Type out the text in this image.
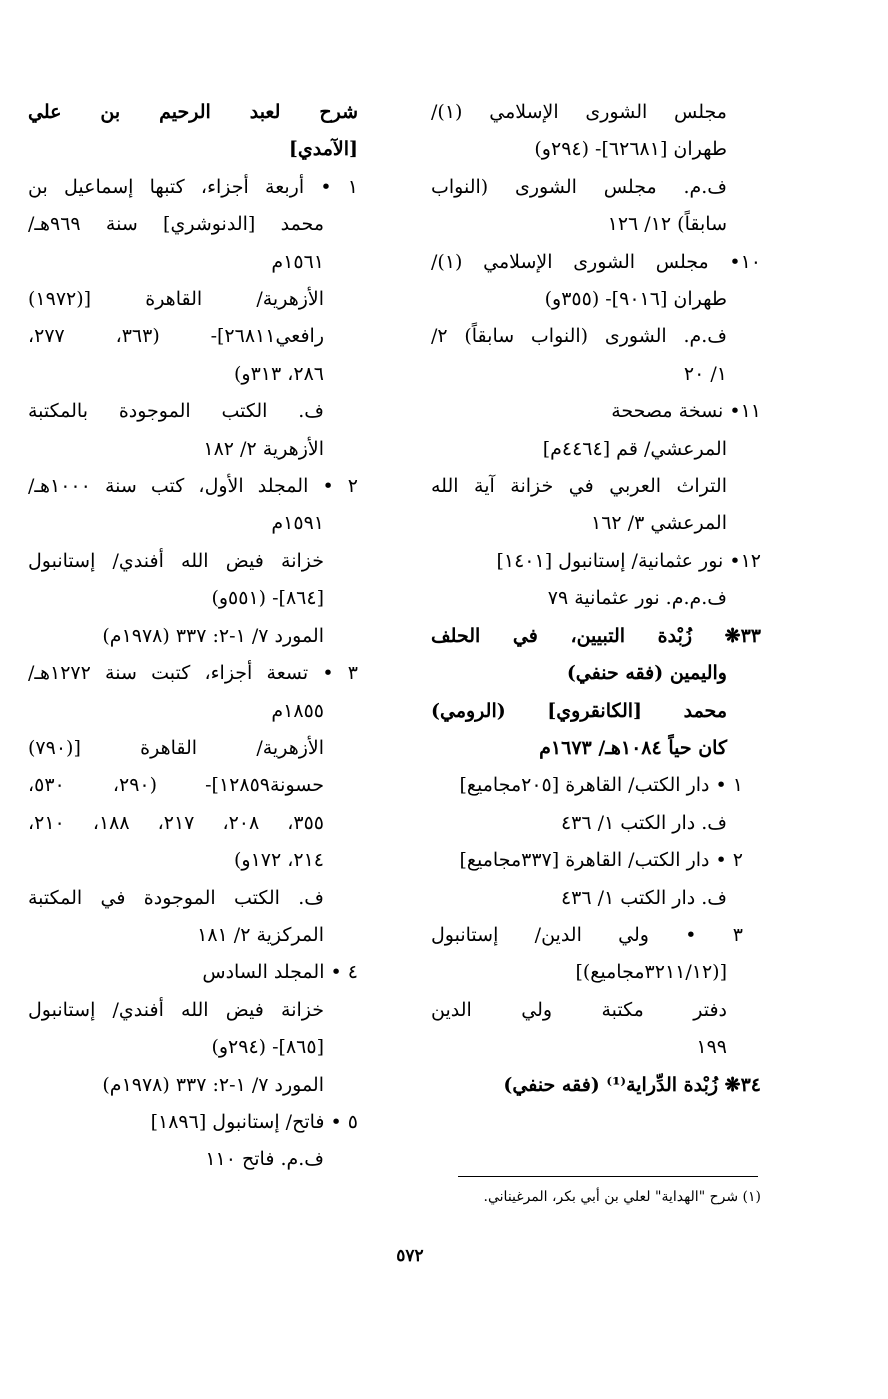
مجلس الشورى الإسلامي (١)/
طهران [٦٢٦٨١]- (٢٩٤و)
ف.م. مجلس الشورى (النواب
سابقاً) ١٢/ ١٢٦
١٠• مجلس الشورى الإسلامي (١)/
طهران [٩٠١٦]- (٣٥٥و)
ف.م. الشورى (النواب سابقاً) ٢/
١/ ٢٠
١١• نسخة مصححة
المرعشي/ قم [٤٤٦٤م]
التراث العربي في خزانة آية الله
المرعشي ٣/ ١٦٢
١٢• نور عثمانية/ إستانبول [١٤٠١]
ف.م.م. نور عثمانية ٧٩
٣٣❋ زُبْدة التبيين، في الحلف
واليمين (فقه حنفي)
محمد [الكانقروي] (الرومي)
كان حياً ١٠٨٤هـ/ ١٦٧٣م
١ • دار الكتب/ القاهرة [٢٠٥مجاميع]
ف. دار الكتب ١/ ٤٣٦
٢ • دار الكتب/ القاهرة [٣٣٧مجاميع]
ف. دار الكتب ١/ ٤٣٦
٣ • ولي الدين/ إستانبول
[(٣٢١١/١٢مجاميع)]
دفتر مكتبة ولي الدين
١٩٩
٣٤❋ زُبْدة الدِّراية⁽¹⁾ (فقه حنفي)
شرح لعبد الرحيم بن علي
[الآمدي]
١ • أربعة أجزاء، كتبها إسماعيل بن
محمد [الدنوشري] سنة ٩٦٩هـ/
١٥٦١م
الأزهرية/ القاهرة [(١٩٧٢)
رافعي٢٦٨١١]- (٣٦٣، ٢٧٧،
٢٨٦، ٣١٣و)
ف. الكتب الموجودة بالمكتبة
الأزهرية ٢/ ١٨٢
٢ • المجلد الأول، كتب سنة ١٠٠٠هـ/
١٥٩١م
خزانة فيض الله أفندي/ إستانبول
[٨٦٤]- (٥٥١و)
المورد ٧/ ١-٢: ٣٣٧ (١٩٧٨م)
٣ • تسعة أجزاء، كتبت سنة ١٢٧٢هـ/
١٨٥٥م
الأزهرية/ القاهرة [(٧٩٠)
حسونة١٢٨٥٩]- (٢٩٠، ٥٣٠،
٣٥٥، ٢٠٨، ٢١٧، ١٨٨، ٢١٠،
٢١٤، ١٧٢و)
ف. الكتب الموجودة في المكتبة
المركزية ٢/ ١٨١
٤ • المجلد السادس
خزانة فيض الله أفندي/ إستانبول
[٨٦٥]- (٢٩٤و)
المورد ٧/ ١-٢: ٣٣٧ (١٩٧٨م)
٥ • فاتح/ إستانبول [١٨٩٦]
ف.م. فاتح ١١٠
(١) شرح "الهداية" لعلي بن أبي بكر، المرغيناني.
٥٧٢
